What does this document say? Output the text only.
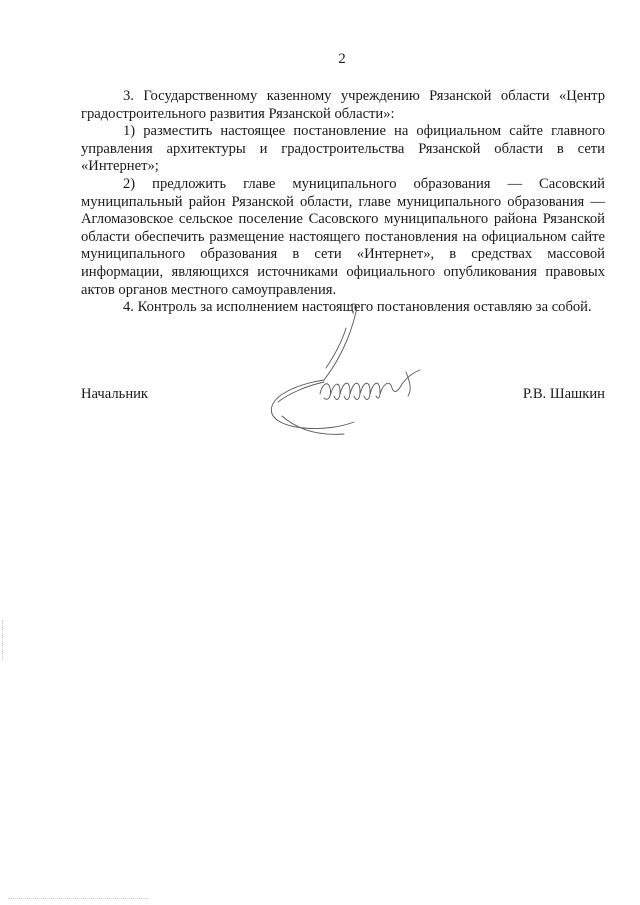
2

3. Государственному казенному учреждению Рязанской области «Центр градостроительного развития Рязанской области»:

1) разместить настоящее постановление на официальном сайте главного управления архитектуры и градостроительства Рязанской области в сети «Интернет»;

2) предложить главе муниципального образования — Сасовский муниципальный район Рязанской области, главе муниципального образования — Агломазовское сельское поселение Сасовского муниципального района Рязанской области обеспечить размещение настоящего постановления на официальном сайте муниципального образования в сети «Интернет», в средствах массовой информации, являющихся источниками официального опубликования правовых актов органов местного самоуправления.

4. Контроль за исполнением настоящего постановления оставляю за собой.

Начальник	Р.В. Шашкин
